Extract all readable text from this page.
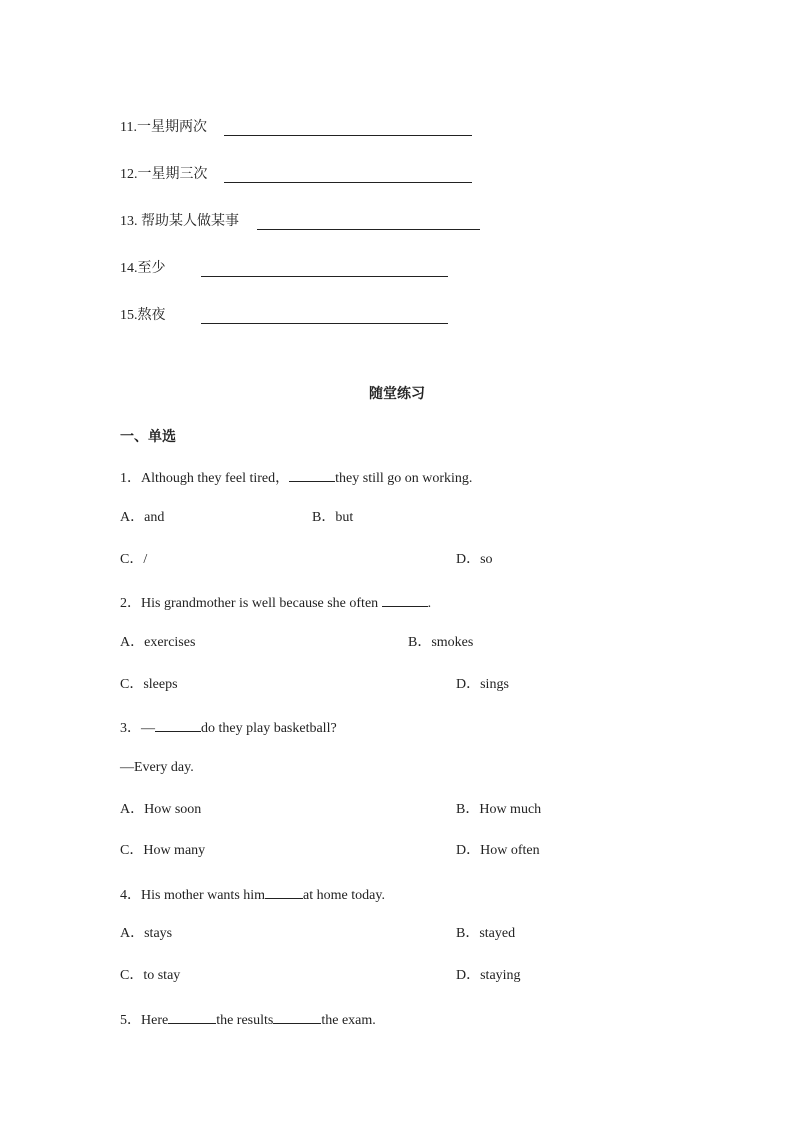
11.一星期两次
12.一星期三次
13. 帮助某人做某事
14.至少
15.熬夜
随堂练习
一、单选
1．Although they feel tired，	they still go on working.
A．and	B．but
C．/	D．so
2．His grandmother is well because she often	.
A．exercises	B．smokes
C．sleeps	D．sings
3．—	do they play basketball?
—Every day.
A．How soon	B．How much
C．How many	D．How often
4．His mother wants him	at home today.
A．stays	B．stayed
C．to stay	D．staying
5．Here	the results	the exam.
